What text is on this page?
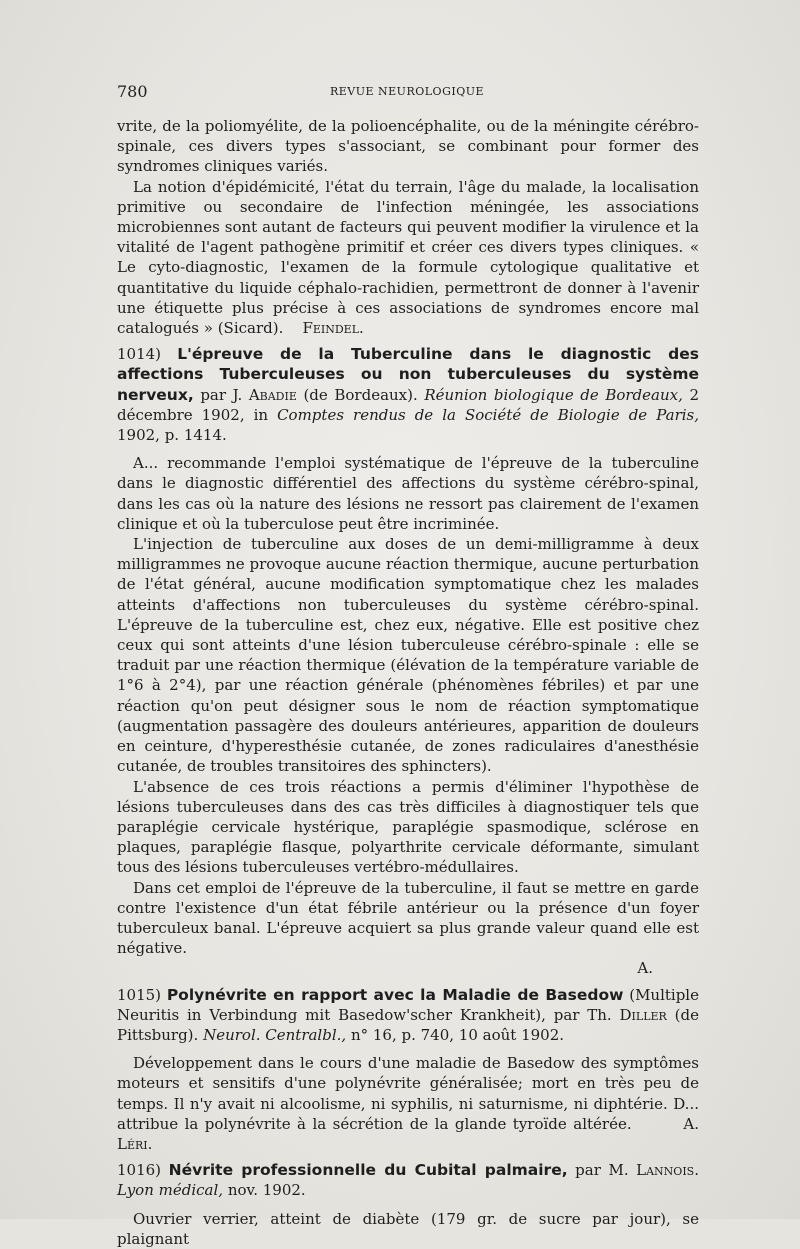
780	REVUE NEUROLOGIQUE

vrite, de la poliomyélite, de la polioencéphalite, ou de la méningite cérébro-spinale, ces divers types s'associant, se combinant pour former des syndromes cliniques variés.

La notion d'épidémicité, l'état du terrain, l'âge du malade, la localisation primitive ou secondaire de l'infection méningée, les associations microbiennes sont autant de facteurs qui peuvent modifier la virulence et la vitalité de l'agent pathogène primitif et créer ces divers types cliniques. « Le cyto-diagnostic, l'examen de la formule cytologique qualitative et quantitative du liquide céphalo-rachidien, permettront de donner à l'avenir une étiquette plus précise à ces associations de syndromes encore mal catalogués » (Sicard). Feindel.

1014) L'épreuve de la Tuberculine dans le diagnostic des affections Tuberculeuses ou non tuberculeuses du système nerveux, par J. Abadie (de Bordeaux). Réunion biologique de Bordeaux, 2 décembre 1902, in Comptes rendus de la Société de Biologie de Paris, 1902, p. 1414.

A... recommande l'emploi systématique de l'épreuve de la tuberculine dans le diagnostic différentiel des affections du système cérébro-spinal, dans les cas où la nature des lésions ne ressort pas clairement de l'examen clinique et où la tuberculose peut être incriminée.

L'injection de tuberculine aux doses de un demi-milligramme à deux milligrammes ne provoque aucune réaction thermique, aucune perturbation de l'état général, aucune modification symptomatique chez les malades atteints d'affections non tuberculeuses du système cérébro-spinal. L'épreuve de la tuberculine est, chez eux, négative. Elle est positive chez ceux qui sont atteints d'une lésion tuberculeuse cérébro-spinale : elle se traduit par une réaction thermique (élévation de la température variable de 1°6 à 2°4), par une réaction générale (phénomènes fébriles) et par une réaction qu'on peut désigner sous le nom de réaction symptomatique (augmentation passagère des douleurs antérieures, apparition de douleurs en ceinture, d'hyperesthésie cutanée, de zones radiculaires d'anesthésie cutanée, de troubles transitoires des sphincters).

L'absence de ces trois réactions a permis d'éliminer l'hypothèse de lésions tuberculeuses dans des cas très difficiles à diagnostiquer tels que paraplégie cervicale hystérique, paraplégie spasmodique, sclérose en plaques, paraplégie flasque, polyarthrite cervicale déformante, simulant tous des lésions tuberculeuses vertébro-médullaires.

Dans cet emploi de l'épreuve de la tuberculine, il faut se mettre en garde contre l'existence d'un état fébrile antérieur ou la présence d'un foyer tuberculeux banal. L'épreuve acquiert sa plus grande valeur quand elle est négative.

A.

1015) Polynévrite en rapport avec la Maladie de Basedow (Multiple Neuritis in Verbindung mit Basedow'scher Krankheit), par Th. Diller (de Pittsburg). Neurol. Centralbl., n° 16, p. 740, 10 août 1902.

Développement dans le cours d'une maladie de Basedow des symptômes moteurs et sensitifs d'une polynévrite généralisée; mort en très peu de temps. Il n'y avait ni alcoolisme, ni syphilis, ni saturnisme, ni diphtérie. D... attribue la polynévrite à la sécrétion de la glande tyroïde altérée.	A. Léri.

1016) Névrite professionnelle du Cubital palmaire, par M. Lannois. Lyon médical, nov. 1902.

Ouvrier verrier, atteint de diabète (179 gr. de sucre par jour), se plaignant
